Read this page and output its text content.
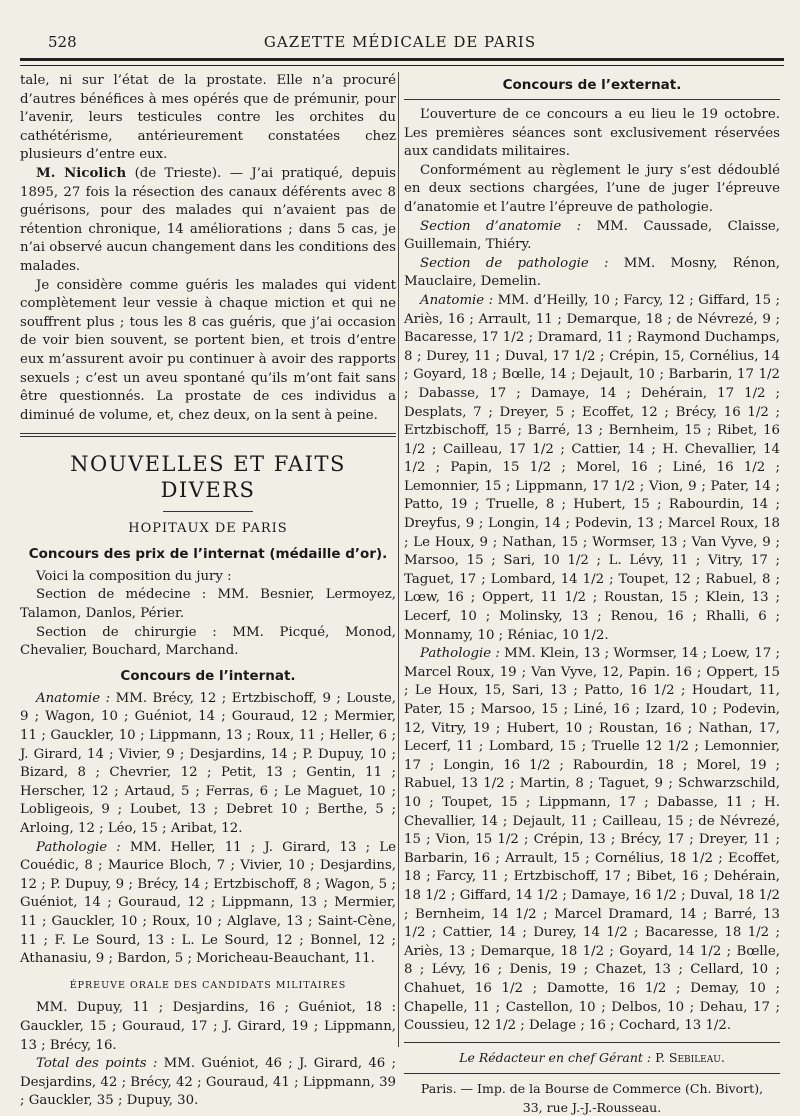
528	GAZETTE MÉDICALE DE PARIS

tale, ni sur l’état de la prostate. Elle n’a procuré d’autres bénéfices à mes opérés que de prémunir, pour l’avenir, leurs testicules contre les orchites du cathétérisme, antérieurement constatées chez plusieurs d’entre eux.

M. Nicolich (de Trieste). — J’ai pratiqué, depuis 1895, 27 fois la résection des canaux déférents avec 8 guérisons, pour des malades qui n’avaient pas de rétention chronique, 14 améliorations ; dans 5 cas, je n’ai observé aucun changement dans les conditions des malades.

Je considère comme guéris les malades qui vident complètement leur vessie à chaque miction et qui ne souffrent plus ; tous les 8 cas guéris, que j’ai occasion de voir bien souvent, se portent bien, et trois d’entre eux m’assurent avoir pu continuer à avoir des rapports sexuels ; c’est un aveu spontané qu’ils m’ont fait sans être questionnés. La prostate de ces individus a diminué de volume, et, chez deux, on la sent à peine.

NOUVELLES ET FAITS DIVERS
HOPITAUX DE PARIS
Concours des prix de l’internat (médaille d’or).

Voici la composition du jury :

Section de médecine : MM. Besnier, Lermoyez, Talamon, Danlos, Périer.

Section de chirurgie : MM. Picqué, Monod, Chevalier, Bouchard, Marchand.

Concours de l’internat.

Anatomie : MM. Brécy, 12 ; Ertzbischoff, 9 ; Louste, 9 ; Wagon, 10 ; Guéniot, 14 ; Gouraud, 12 ; Mermier, 11 ; Gauckler, 10 ; Lippmann, 13 ; Roux, 11 ; Heller, 6 ; J. Girard, 14 ; Vivier, 9 ; Desjardins, 14 ; P. Dupuy, 10 ; Bizard, 8 ; Chevrier, 12 ; Petit, 13 ; Gentin, 11 ; Herscher, 12 ; Artaud, 5 ; Ferras, 6 ; Le Maguet, 10 ; Lobligeois, 9 ; Loubet, 13 ; Debret 10 ; Berthe, 5 ; Arloing, 12 ; Léo, 15 ; Aribat, 12.

Pathologie : MM. Heller, 11 ; J. Girard, 13 ; Le Couédic, 8 ; Maurice Bloch, 7 ; Vivier, 10 ; Desjardins, 12 ; P. Dupuy, 9 ; Brécy, 14 ; Ertzbischoff, 8 ; Wagon, 5 ; Guéniot, 14 ; Gouraud, 12 ; Lippmann, 13 ; Mermier, 11 ; Gauckler, 10 ; Roux, 10 ; Alglave, 13 ; Saint-Cène, 11 ; F. Le Sourd, 13 : L. Le Sourd, 12 ; Bonnel, 12 ; Athanasiu, 9 ; Bardon, 5 ; Moricheau-Beauchant, 11.

ÉPREUVE ORALE DES CANDIDATS MILITAIRES

MM. Dupuy, 11 ; Desjardins, 16 ; Guéniot, 18 : Gauckler, 15 ; Gouraud, 17 ; J. Girard, 19 ; Lippmann, 13 ; Brécy, 16.

Total des points : MM. Guéniot, 46 ; J. Girard, 46 ; Desjardins, 42 ; Brécy, 42 ; Gouraud, 41 ; Lippmann, 39 ; Gauckler, 35 ; Dupuy, 30.

Concours de l’externat.

L’ouverture de ce concours a eu lieu le 19 octobre. Les premières séances sont exclusivement réservées aux candidats militaires.

Conformément au règlement le jury s’est dédoublé en deux sections chargées, l’une de juger l’épreuve d’anatomie et l’autre l’épreuve de pathologie.

Section d’anatomie : MM. Caussade, Claisse, Guillemain, Thiéry.

Section de pathologie : MM. Mosny, Rénon, Mauclaire, Demelin.

Anatomie : MM. d’Heilly, 10 ; Farcy, 12 ; Giffard, 15 ; Ariès, 16 ; Arrault, 11 ; Demarque, 18 ; de Névrezé, 9 ; Bacaresse, 17 1/2 ; Dramard, 11 ; Raymond Duchamps, 8 ; Durey, 11 ; Duval, 17 1/2 ; Crépin, 15, Cornélius, 14 ; Goyard, 18 ; Bœlle, 14 ; Dejault, 10 ; Barbarin, 17 1/2 ; Dabasse, 17 ; Damaye, 14 ; Dehérain, 17 1/2 ; Desplats, 7 ; Dreyer, 5 ; Ecoffet, 12 ; Brécy, 16 1/2 ; Ertzbischoff, 15 ; Barré, 13 ; Bernheim, 15 ; Ribet, 16 1/2 ; Cailleau, 17 1/2 ; Cattier, 14 ; H. Chevallier, 14 1/2 ; Papin, 15 1/2 ; Morel, 16 ; Liné, 16 1/2 ; Lemonnier, 15 ; Lippmann, 17 1/2 ; Vion, 9 ; Pater, 14 ; Patto, 19 ; Truelle, 8 ; Hubert, 15 ; Rabourdin, 14 ; Dreyfus, 9 ; Longin, 14 ; Podevin, 13 ; Marcel Roux, 18 ; Le Houx, 9 ; Nathan, 15 ; Wormser, 13 ; Van Vyve, 9 ; Marsoo, 15 ; Sari, 10 1/2 ; L. Lévy, 11 ; Vitry, 17 ; Taguet, 17 ; Lombard, 14 1/2 ; Toupet, 12 ; Rabuel, 8 ; Lœw, 16 ; Oppert, 11 1/2 ; Roustan, 15 ; Klein, 13 ; Lecerf, 10 ; Molinsky, 13 ; Renou, 16 ; Rhalli, 6 ; Monnamy, 10 ; Réniac, 10 1/2.

Pathologie : MM. Klein, 13 ; Wormser, 14 ; Loew, 17 ; Marcel Roux, 19 ; Van Vyve, 12, Papin. 16 ; Oppert, 15 ; Le Houx, 15, Sari, 13 ; Patto, 16 1/2 ; Houdart, 11, Pater, 15 ; Marsoo, 15 ; Liné, 16 ; Izard, 10 ; Podevin, 12, Vitry, 19 ; Hubert, 10 ; Roustan, 16 ; Nathan, 17, Lecerf, 11 ; Lombard, 15 ; Truelle 12 1/2 ; Lemonnier, 17 ; Longin, 16 1/2 ; Rabourdin, 18 ; Morel, 19 ; Rabuel, 13 1/2 ; Martin, 8 ; Taguet, 9 ; Schwarzschild, 10 ; Toupet, 15 ; Lippmann, 17 ; Dabasse, 11 ; H. Chevallier, 14 ; Dejault, 11 ; Cailleau, 15 ; de Névrezé, 15 ; Vion, 15 1/2 ; Crépin, 13 ; Brécy, 17 ; Dreyer, 11 ; Barbarin, 16 ; Arrault, 15 ; Cornélius, 18 1/2 ; Ecoffet, 18 ; Farcy, 11 ; Ertzbischoff, 17 ; Bibet, 16 ; Dehérain, 18 1/2 ; Giffard, 14 1/2 ; Damaye, 16 1/2 ; Duval, 18 1/2 ; Bernheim, 14 1/2 ; Marcel Dramard, 14 ; Barré, 13 1/2 ; Cattier, 14 ; Durey, 14 1/2 ; Bacaresse, 18 1/2 ; Ariès, 13 ; Demarque, 18 1/2 ; Goyard, 14 1/2 ; Bœlle, 8 ; Lévy, 16 ; Denis, 19 ; Chazet, 13 ; Cellard, 10 ; Chahuet, 16 1/2 ; Damotte, 16 1/2 ; Demay, 10 ; Chapelle, 11 ; Castellon, 10 ; Delbos, 10 ; Dehau, 17 ; Coussieu, 12 1/2 ; Delage ; 16 ; Cochard, 13 1/2.

Le Rédacteur en chef Gérant : P. Sebileau.
Paris. — Imp. de la Bourse de Commerce (Ch. Bivort),
33, rue J.-J.-Rousseau.
